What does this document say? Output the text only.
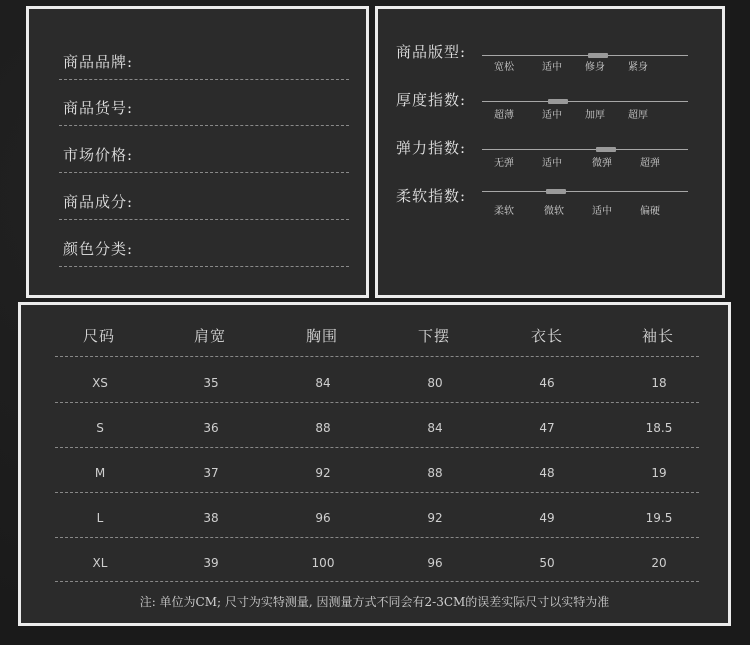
商品品牌:
商品货号:
市场价格:
商品成分:
颜色分类:
商品版型:
宽松	适中 修身 紧身
厚度指数:
超薄	适中 加厚 超厚
弹力指数:
无弹	适中	微弹	超弹
柔软指数:
柔软	微软	适中	偏硬
尺码	肩宽	胸围	下摆	衣长	袖长
XS	35	84	80	46	18
S	36	88	84	47	18.5
M	37	92	88	48	19
L	38	96	92	49	19.5
XL	39	100	96	50	20
注: 单位为CM; 尺寸为实特测量, 因测量方式不同会有2-3CM的误差实际尺寸以实特为准
